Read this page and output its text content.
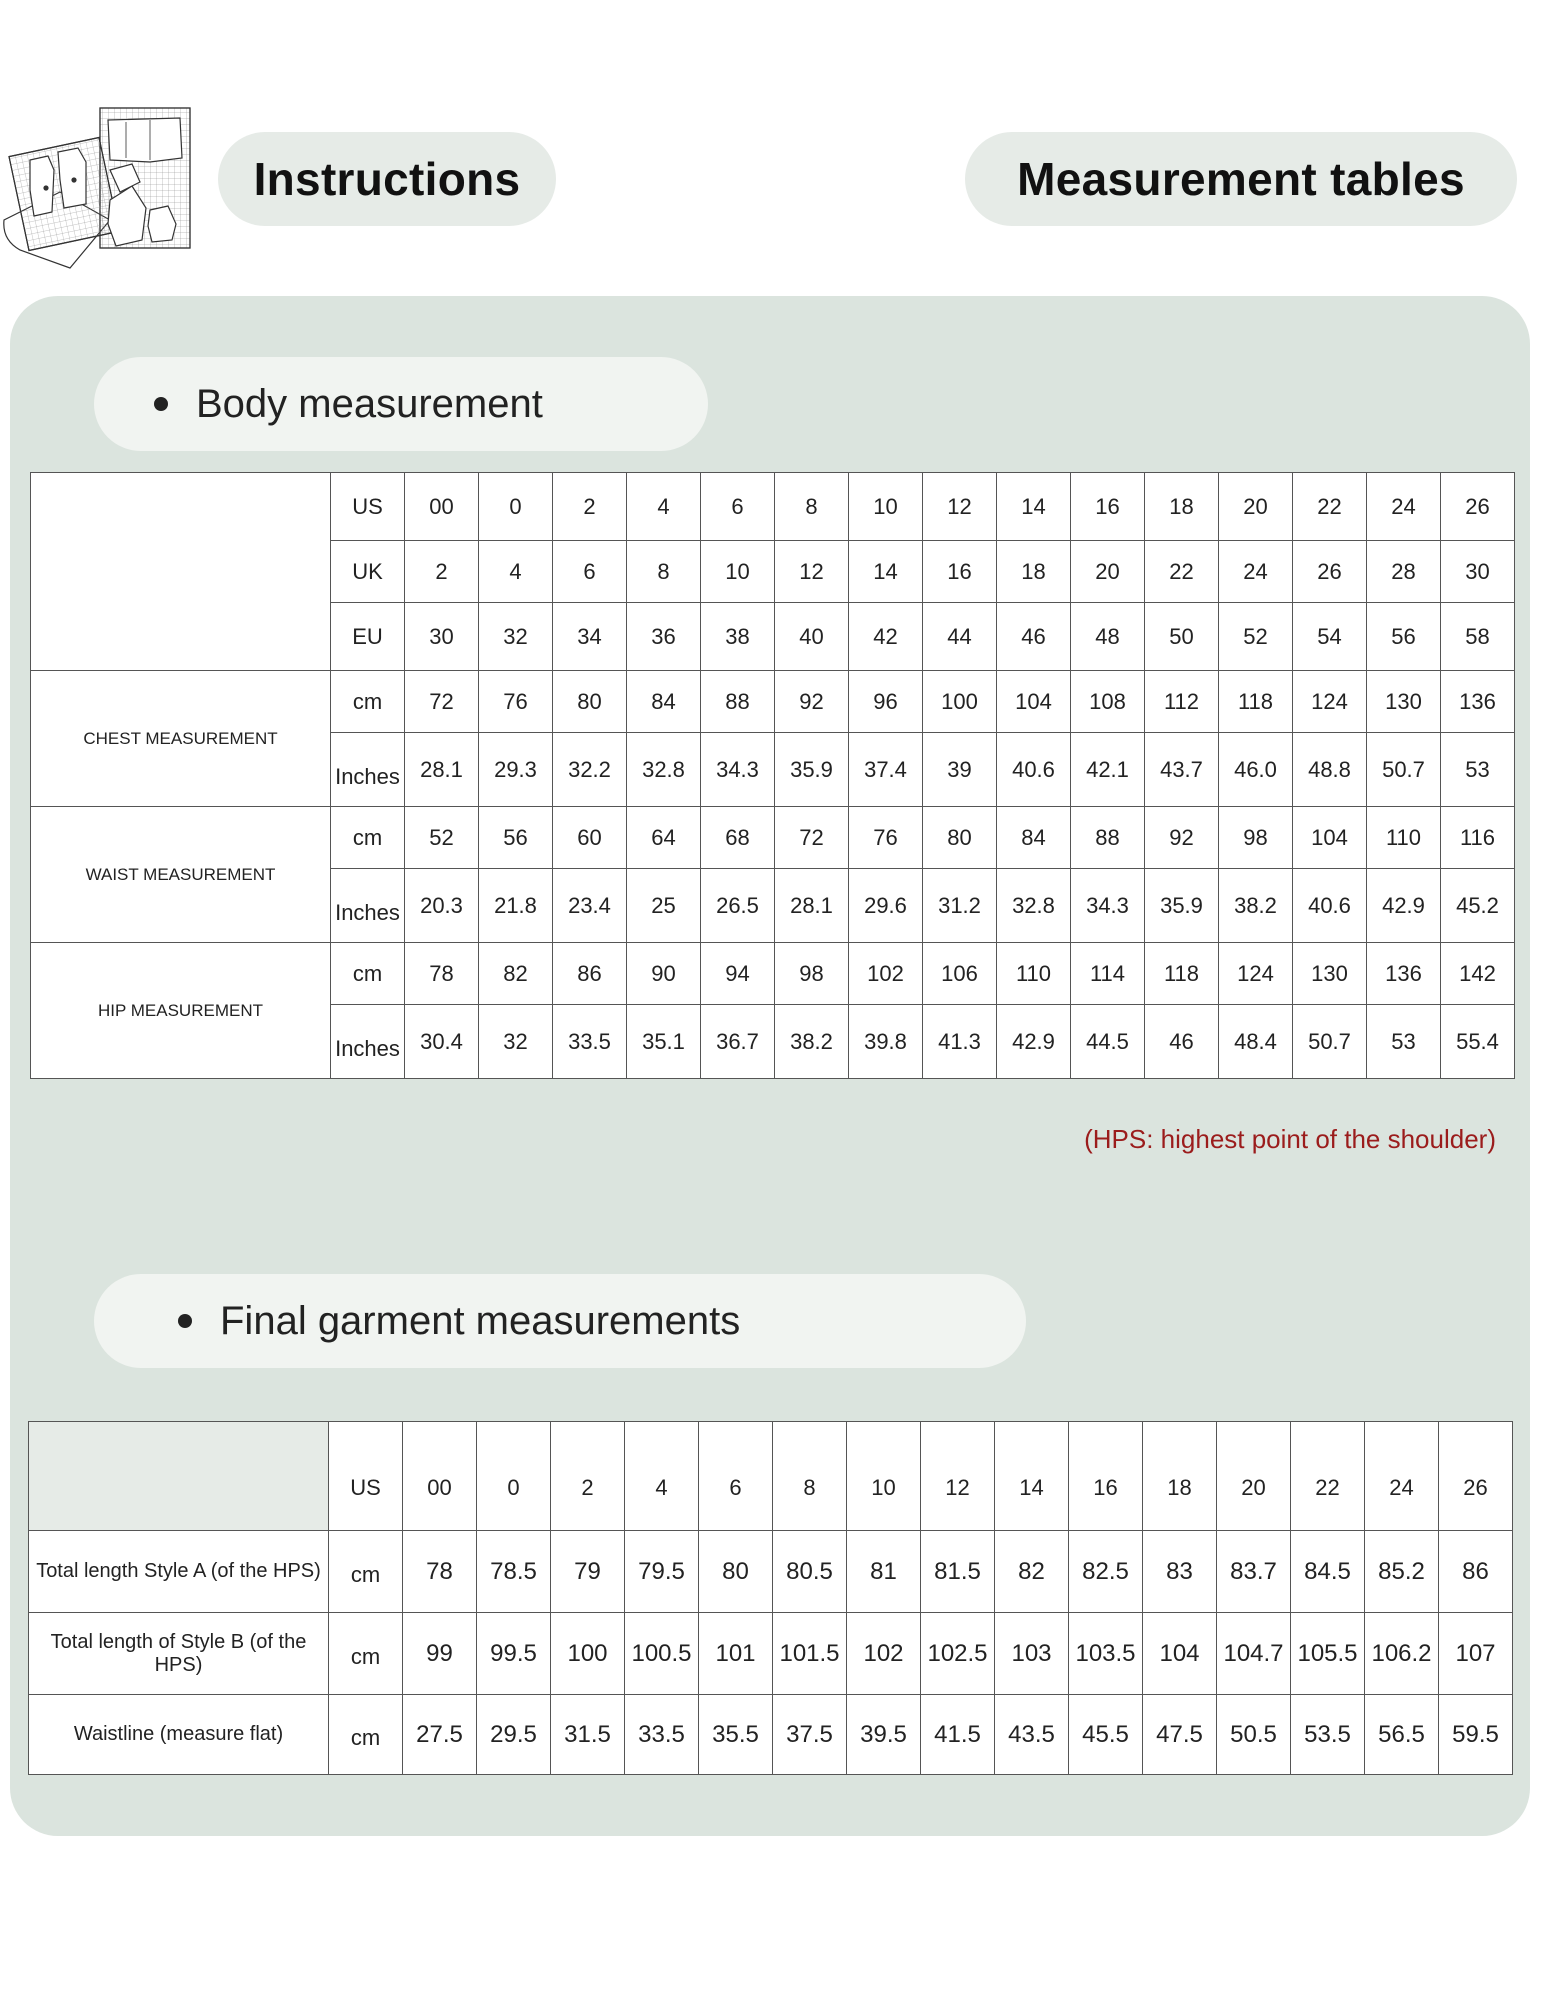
Instructions	Measurement tables
Body measurement
	US	00	0	2	4	6	8	10	12	14	16	18	20	22	24	26
	UK	2	4	6	8	10	12	14	16	18	20	22	24	26	28	30
	EU	30	32	34	36	38	40	42	44	46	48	50	52	54	56	58
CHEST MEASUREMENT	cm	72	76	80	84	88	92	96	100	104	108	112	118	124	130	136
	Inches	28.1	29.3	32.2	32.8	34.3	35.9	37.4	39	40.6	42.1	43.7	46.0	48.8	50.7	53
WAIST MEASUREMENT	cm	52	56	60	64	68	72	76	80	84	88	92	98	104	110	116
	Inches	20.3	21.8	23.4	25	26.5	28.1	29.6	31.2	32.8	34.3	35.9	38.2	40.6	42.9	45.2
HIP MEASUREMENT	cm	78	82	86	90	94	98	102	106	110	114	118	124	130	136	142
	Inches	30.4	32	33.5	35.1	36.7	38.2	39.8	41.3	42.9	44.5	46	48.4	50.7	53	55.4
(HPS: highest point of the shoulder)
Final garment measurements
	US	00	0	2	4	6	8	10	12	14	16	18	20	22	24	26
Total length Style A (of the HPS)	cm	78	78.5	79	79.5	80	80.5	81	81.5	82	82.5	83	83.7	84.5	85.2	86
Total length of Style B (of the HPS)	cm	99	99.5	100	100.5	101	101.5	102	102.5	103	103.5	104	104.7	105.5	106.2	107
Waistline (measure flat)	cm	27.5	29.5	31.5	33.5	35.5	37.5	39.5	41.5	43.5	45.5	47.5	50.5	53.5	56.5	59.5
